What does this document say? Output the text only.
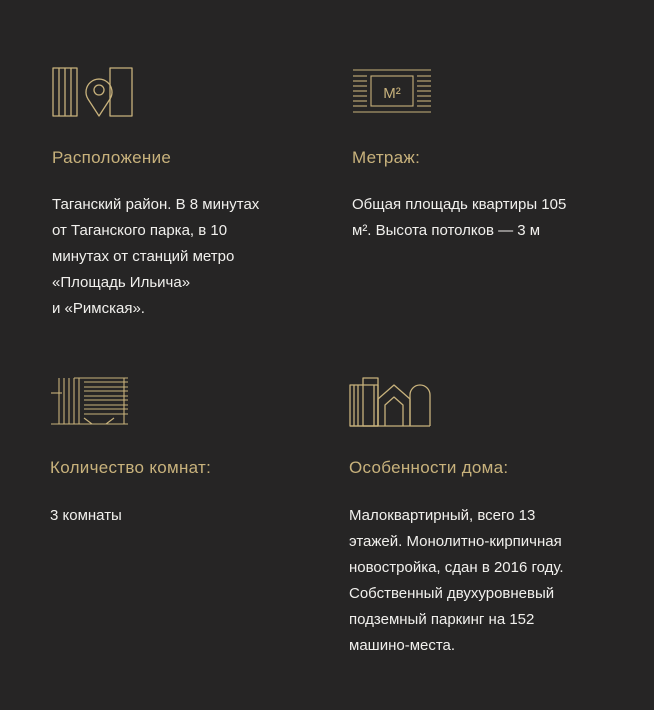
Расположение

Таганский район. В 8 минутах
от Таганского парка, в 10
минутах от станций метро
«Площадь Ильича»
и «Римская».

M²
Метраж:

Общая площадь квартиры 105
м². Высота потолков — 3 м

Количество комнат:

3 комнаты

Особенности дома:

Малоквартирный, всего 13
этажей. Монолитно-кирпичная
новостройка, сдан в 2016 году.
Собственный двухуровневый
подземный паркинг на 152
машино-места.
